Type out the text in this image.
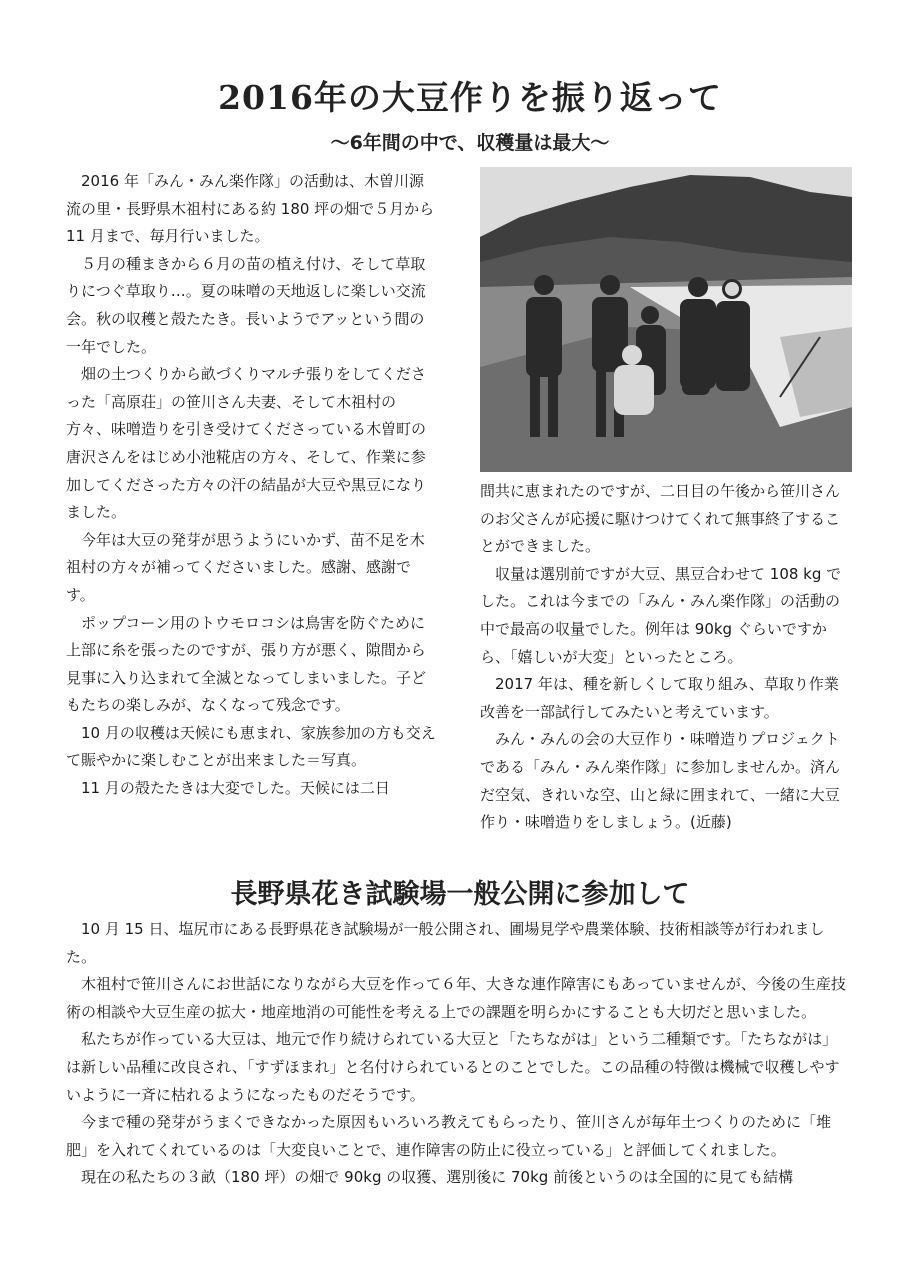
2016年の大豆作りを振り返って
～6年間の中で、収穫量は最大～

2016 年「みん・みん楽作隊」の活動は、木曽川源流の里・長野県木祖村にある約 180 坪の畑で５月から 11 月まで、毎月行いました。

５月の種まきから６月の苗の植え付け、そして草取りにつぐ草取り…。夏の味噌の天地返しに楽しい交流会。秋の収穫と殻たたき。長いようでアッという間の一年でした。

畑の土つくりから畝づくりマルチ張りをしてくださった「高原荘」の笹川さん夫妻、そして木祖村の方々、味噌造りを引き受けてくださっている木曽町の唐沢さんをはじめ小池糀店の方々、そして、作業に参加してくださった方々の汗の結晶が大豆や黒豆になりました。

今年は大豆の発芽が思うようにいかず、苗不足を木祖村の方々が補ってくださいました。感謝、感謝です。

ポップコーン用のトウモロコシは鳥害を防ぐために上部に糸を張ったのですが、張り方が悪く、隙間から見事に入り込まれて全滅となってしまいました。子どもたちの楽しみが、なくなって残念です。

10 月の収穫は天候にも恵まれ、家族参加の方も交えて賑やかに楽しむことが出来ました＝写真。

11 月の殻たたきは大変でした。天候には二日

間共に恵まれたのですが、二日目の午後から笹川さんのお父さんが応援に駆けつけてくれて無事終了することができました。

収量は選別前ですが大豆、黒豆合わせて 108 kg でした。これは今までの「みん・みん楽作隊」の活動の中で最高の収量でした。例年は 90kg ぐらいですから、「嬉しいが大変」といったところ。

2017 年は、種を新しくして取り組み、草取り作業改善を一部試行してみたいと考えています。

みん・みんの会の大豆作り・味噌造りプロジェクトである「みん・みん楽作隊」に参加しませんか。済んだ空気、きれいな空、山と緑に囲まれて、一緒に大豆作り・味噌造りをしましょう。(近藤)

長野県花き試験場一般公開に参加して

10 月 15 日、塩尻市にある長野県花き試験場が一般公開され、圃場見学や農業体験、技術相談等が行われました。

木祖村で笹川さんにお世話になりながら大豆を作って６年、大きな連作障害にもあっていませんが、今後の生産技術の相談や大豆生産の拡大・地産地消の可能性を考える上での課題を明らかにすることも大切だと思いました。

私たちが作っている大豆は、地元で作り続けられている大豆と「たちながは」という二種類です。「たちながは」は新しい品種に改良され、「すずほまれ」と名付けられているとのことでした。この品種の特徴は機械で収穫しやすいように一斉に枯れるようになったものだそうです。

今まで種の発芽がうまくできなかった原因もいろいろ教えてもらったり、笹川さんが毎年土つくりのために「堆肥」を入れてくれているのは「大変良いことで、連作障害の防止に役立っている」と評価してくれました。

現在の私たちの３畝（180 坪）の畑で 90kg の収獲、選別後に 70kg 前後というのは全国的に見ても結構
